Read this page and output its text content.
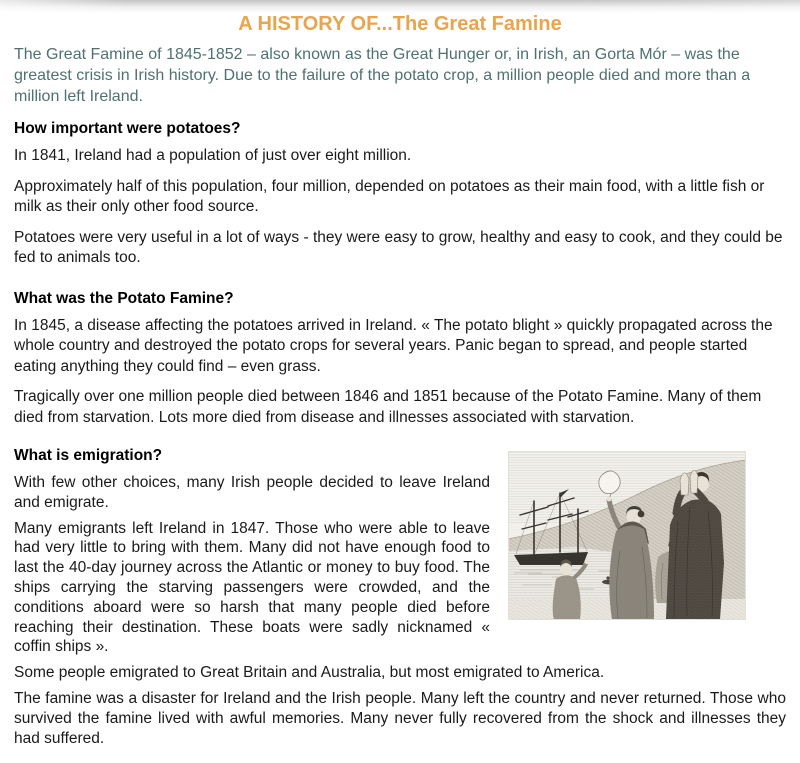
A HISTORY OF...The Great Famine

The Great Famine of 1845-1852 – also known as the Great Hunger or, in Irish, an Gorta Mór – was the greatest crisis in Irish history. Due to the failure of the potato crop, a million people died and more than a million left Ireland.

How important were potatoes?

In 1841, Ireland had a population of just over eight million.

Approximately half of this population, four million, depended on potatoes as their main food, with a little fish or milk as their only other food source.

Potatoes were very useful in a lot of ways - they were easy to grow, healthy and easy to cook, and they could be fed to animals too.

What was the Potato Famine?

In 1845, a disease affecting the potatoes arrived in Ireland. « The potato blight » quickly propagated across the whole country and destroyed the potato crops for several years. Panic began to spread, and people started eating anything they could find – even grass.

Tragically over one million people died between 1846 and 1851 because of the Potato Famine. Many of them died from starvation. Lots more died from disease and illnesses associated with starvation.

What is emigration?

With few other choices, many Irish people decided to leave Ireland and emigrate.

Many emigrants left Ireland in 1847. Those who were able to leave had very little to bring with them. Many did not have enough food to last the 40-day journey across the Atlantic or money to buy food. The ships carrying the starving passengers were crowded, and the conditions aboard were so harsh that many people died before reaching their destination. These boats were sadly nicknamed « coffin ships ».

Some people emigrated to Great Britain and Australia, but most emigrated to America.

The famine was a disaster for Ireland and the Irish people. Many left the country and never returned. Those who survived the famine lived with awful memories. Many never fully recovered from the shock and illnesses they had suffered.
